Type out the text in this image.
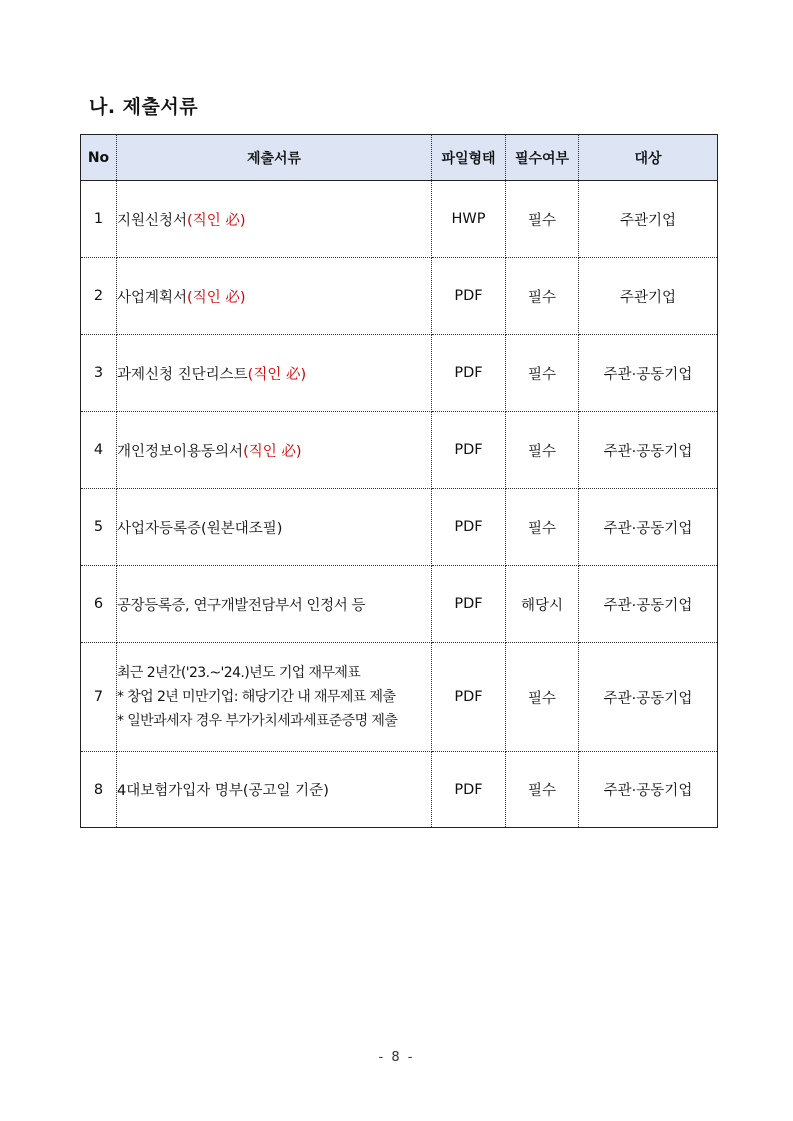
나. 제출서류
No	제출서류	파일형태	필수여부	대상
1	지원신청서(직인 必)	HWP	필수	주관기업
2	사업계획서(직인 必)	PDF	필수	주관기업
3	과제신청 진단리스트(직인 必)	PDF	필수	주관·공동기업
4	개인정보이용동의서(직인 必)	PDF	필수	주관·공동기업
5	사업자등록증(원본대조필)	PDF	필수	주관·공동기업
6	공장등록증, 연구개발전담부서 인정서 등	PDF	해당시	주관·공동기업
7	최근 2년간('23.~'24.)년도 기업 재무제표
* 창업 2년 미만기업: 해당기간 내 재무제표 제출
* 일반과세자 경우 부가가치세과세표준증명 제출	PDF	필수	주관·공동기업
8	4대보험가입자 명부(공고일 기준)	PDF	필수	주관·공동기업
- 8 -
